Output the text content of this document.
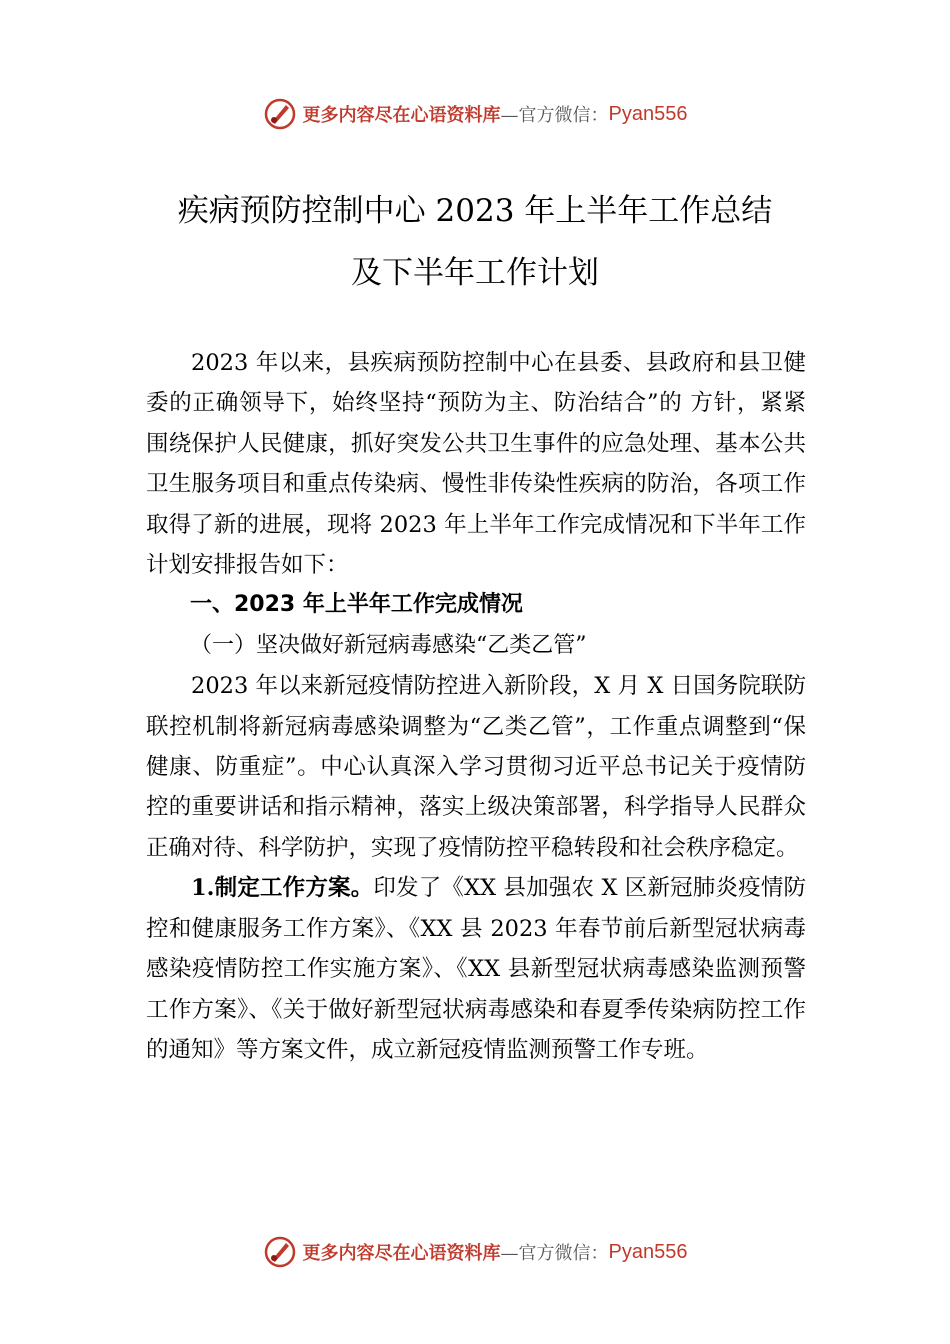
更多内容尽在心语资料库 —官方微信： Pyan556
疾病预防控制中心 2023 年上半年工作总结
及下半年工作计划

2023 年以来，县疾病预防控制中心在县委、县政府和县卫健委的正确领导下，始终坚持“预防为主、防治结合”的 方针，紧紧围绕保护人民健康，抓好突发公共卫生事件的应急处理、基本公共卫生服务项目和重点传染病、慢性非传染性疾病的防治，各项工作取得了新的进展，现将 2023 年上半年工作完成情况和下半年工作计划安排报告如下：

一、2023 年上半年工作完成情况

（一）坚决做好新冠病毒感染“乙类乙管”

2023 年以来新冠疫情防控进入新阶段，X 月 X 日国务院联防联控机制将新冠病毒感染调整为“乙类乙管”，工作重点调整到“保健康、防重症”。中心认真深入学习贯彻习近平总书记关于疫情防控的重要讲话和指示精神，落实上级决策部署，科学指导人民群众正确对待、科学防护，实现了疫情防控平稳转段和社会秩序稳定。

1.制定工作方案。印发了《XX 县加强农 X 区新冠肺炎疫情防控和健康服务工作方案》、《XX 县 2023 年春节前后新型冠状病毒感染疫情防控工作实施方案》、《XX 县新型冠状病毒感染监测预警工作方案》、《关于做好新型冠状病毒感染和春夏季传染病防控工作的通知》等方案文件，成立新冠疫情监测预警工作专班。

更多内容尽在心语资料库 —官方微信： Pyan556
